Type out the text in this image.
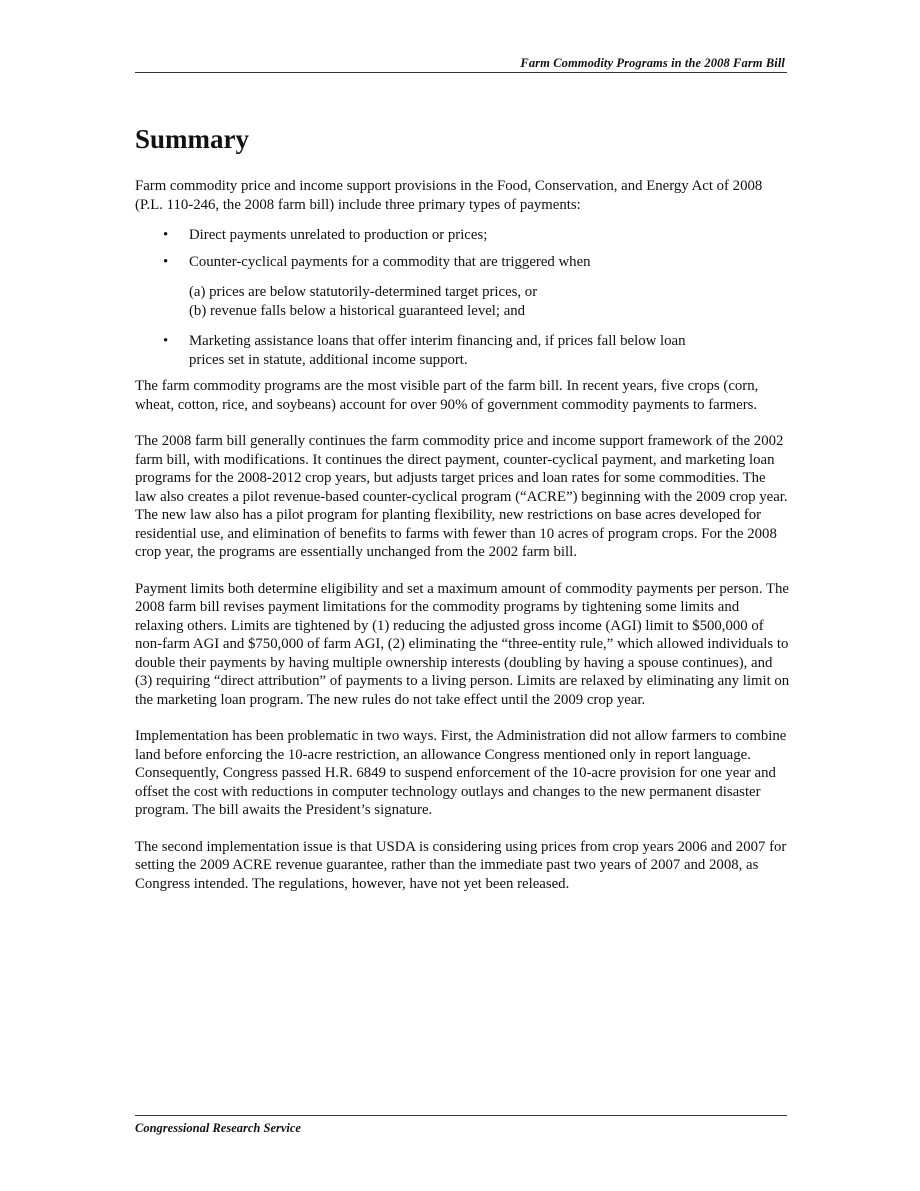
Farm Commodity Programs in the 2008 Farm Bill
Summary

Farm commodity price and income support provisions in the Food, Conservation, and Energy Act of 2008 (P.L. 110-246, the 2008 farm bill) include three primary types of payments:

• Direct payments unrelated to production or prices;
• Counter-cyclical payments for a commodity that are triggered when
(a) prices are below statutorily-determined target prices, or
(b) revenue falls below a historical guaranteed level; and
• Marketing assistance loans that offer interim financing and, if prices fall below loan prices set in statute, additional income support.

The farm commodity programs are the most visible part of the farm bill. In recent years, five crops (corn, wheat, cotton, rice, and soybeans) account for over 90% of government commodity payments to farmers.

The 2008 farm bill generally continues the farm commodity price and income support framework of the 2002 farm bill, with modifications. It continues the direct payment, counter-cyclical payment, and marketing loan programs for the 2008-2012 crop years, but adjusts target prices and loan rates for some commodities. The law also creates a pilot revenue-based counter-cyclical program (“ACRE”) beginning with the 2009 crop year. The new law also has a pilot program for planting flexibility, new restrictions on base acres developed for residential use, and elimination of benefits to farms with fewer than 10 acres of program crops. For the 2008 crop year, the programs are essentially unchanged from the 2002 farm bill.

Payment limits both determine eligibility and set a maximum amount of commodity payments per person. The 2008 farm bill revises payment limitations for the commodity programs by tightening some limits and relaxing others. Limits are tightened by (1) reducing the adjusted gross income (AGI) limit to $500,000 of non-farm AGI and $750,000 of farm AGI, (2) eliminating the “three-entity rule,” which allowed individuals to double their payments by having multiple ownership interests (doubling by having a spouse continues), and (3) requiring “direct attribution” of payments to a living person. Limits are relaxed by eliminating any limit on the marketing loan program. The new rules do not take effect until the 2009 crop year.

Implementation has been problematic in two ways. First, the Administration did not allow farmers to combine land before enforcing the 10-acre restriction, an allowance Congress mentioned only in report language. Consequently, Congress passed H.R. 6849 to suspend enforcement of the 10-acre provision for one year and offset the cost with reductions in computer technology outlays and changes to the new permanent disaster program. The bill awaits the President’s signature.

The second implementation issue is that USDA is considering using prices from crop years 2006 and 2007 for setting the 2009 ACRE revenue guarantee, rather than the immediate past two years of 2007 and 2008, as Congress intended. The regulations, however, have not yet been released.

Congressional Research Service
